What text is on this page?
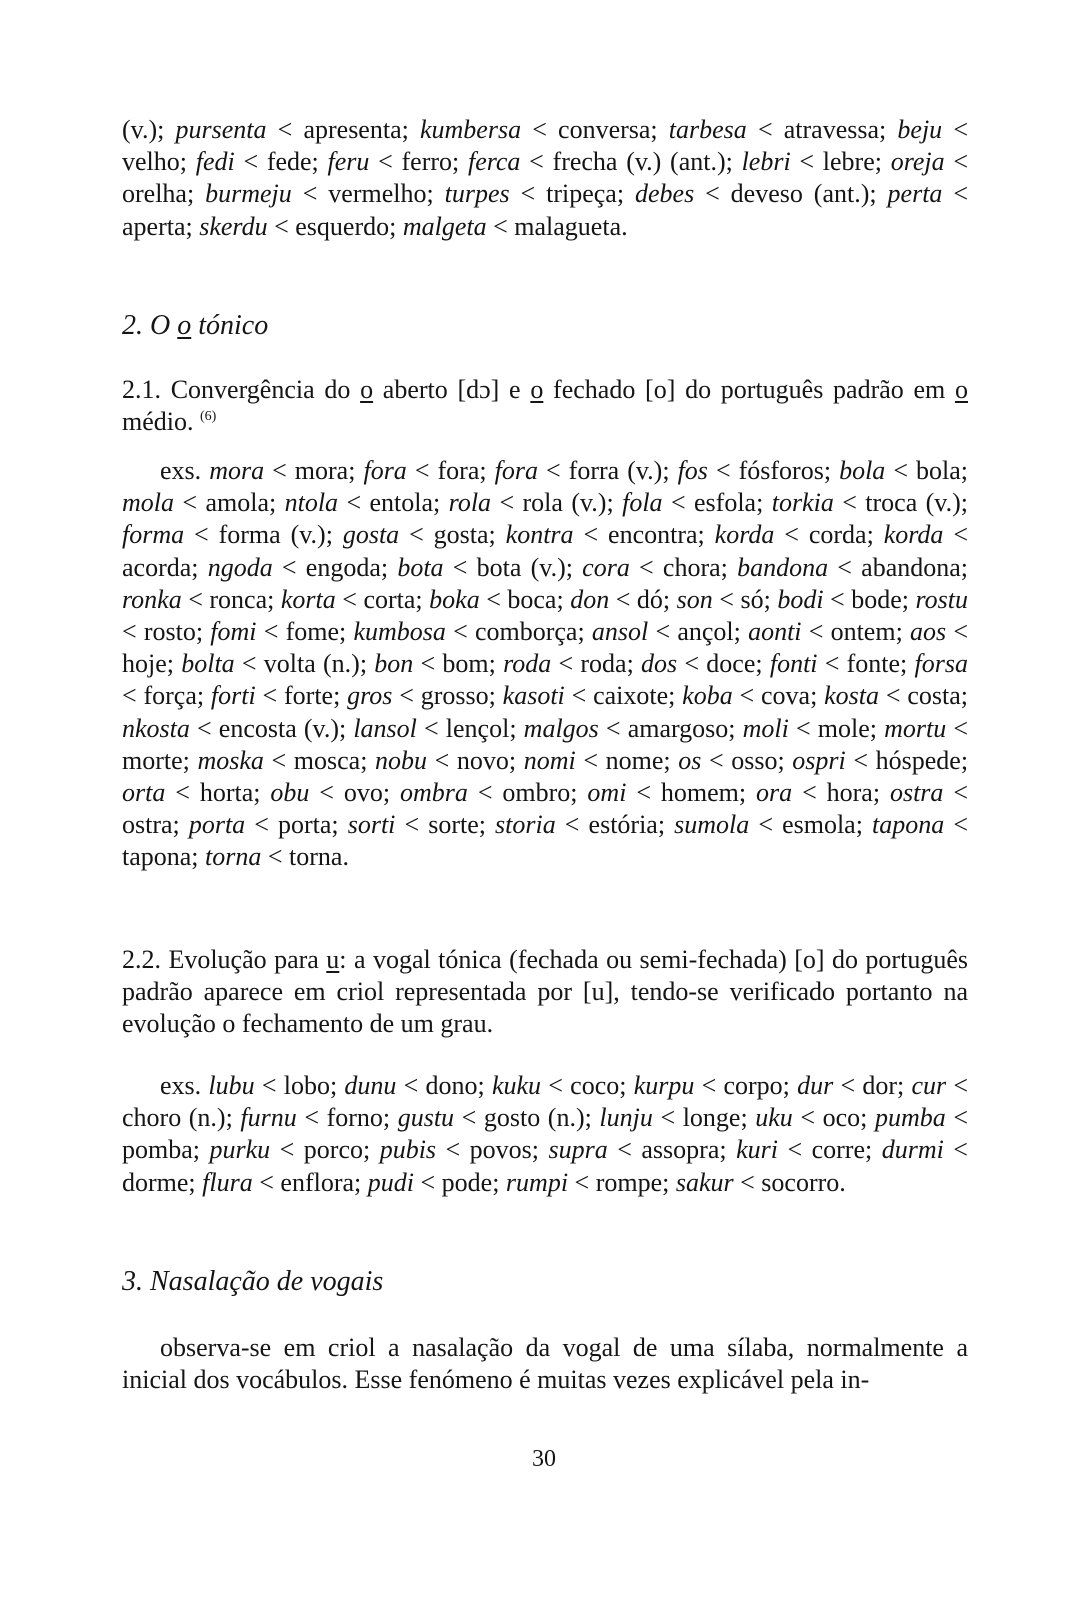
(v.); pursenta < apresenta; kumbersa < conversa; tarbesa < atravessa; beju < velho; fedi < fede; feru < ferro; ferca < frecha (v.) (ant.); lebri < lebre; oreja < orelha; burmeju < vermelho; turpes < tripeça; debes < deveso (ant.); perta < aperta; skerdu < esquerdo; malgeta < malagueta.

2. O o tónico

2.1. Convergência do o aberto [dɔ] e o fechado [o] do português padrão em o médio. $^{(6)}$

exs. mora < mora; fora < fora; fora < forra (v.); fos < fósforos; bola < bola; mola < amola; ntola < entola; rola < rola (v.); fola < esfola; torkia < troca (v.); forma < forma (v.); gosta < gosta; kontra < encontra; korda < corda; korda < acorda; ngoda < engoda; bota < bota (v.); cora < chora; bandona < abandona; ronka < ronca; korta < corta; boka < boca; don < dó; son < só; bodi < bode; rostu < rosto; fomi < fome; kumbosa < comborça; ansol < ançol; aonti < ontem; aos < hoje; bolta < volta (n.); bon < bom; roda < roda; dos < doce; fonti < fonte; forsa < força; forti < forte; gros < grosso; kasoti < caixote; koba < cova; kosta < costa; nkosta < encosta (v.); lansol < lençol; malgos < amargoso; moli < mole; mortu < morte; moska < mosca; nobu < novo; nomi < nome; os < osso; ospri < hóspede; orta < horta; obu < ovo; ombra < ombro; omi < homem; ora < hora; ostra < ostra; porta < porta; sorti < sorte; storia < estória; sumola < esmola; tapona < tapona; torna < torna.

2.2. Evolução para u: a vogal tónica (fechada ou semi-fechada) [o] do português padrão aparece em criol representada por [u], tendo-se verificado portanto na evolução o fechamento de um grau.

exs. lubu < lobo; dunu < dono; kuku < coco; kurpu < corpo; dur < dor; cur < choro (n.); furnu < forno; gustu < gosto (n.); lunju < longe; uku < oco; pumba < pomba; purku < porco; pubis < povos; supra < assopra; kuri < corre; durmi < dorme; flura < enflora; pudi < pode; rumpi < rompe; sakur < socorro.

3. Nasalação de vogais

observa-se em criol a nasalação da vogal de uma sílaba, normalmente a inicial dos vocábulos. Esse fenómeno é muitas vezes explicável pela in-

30
